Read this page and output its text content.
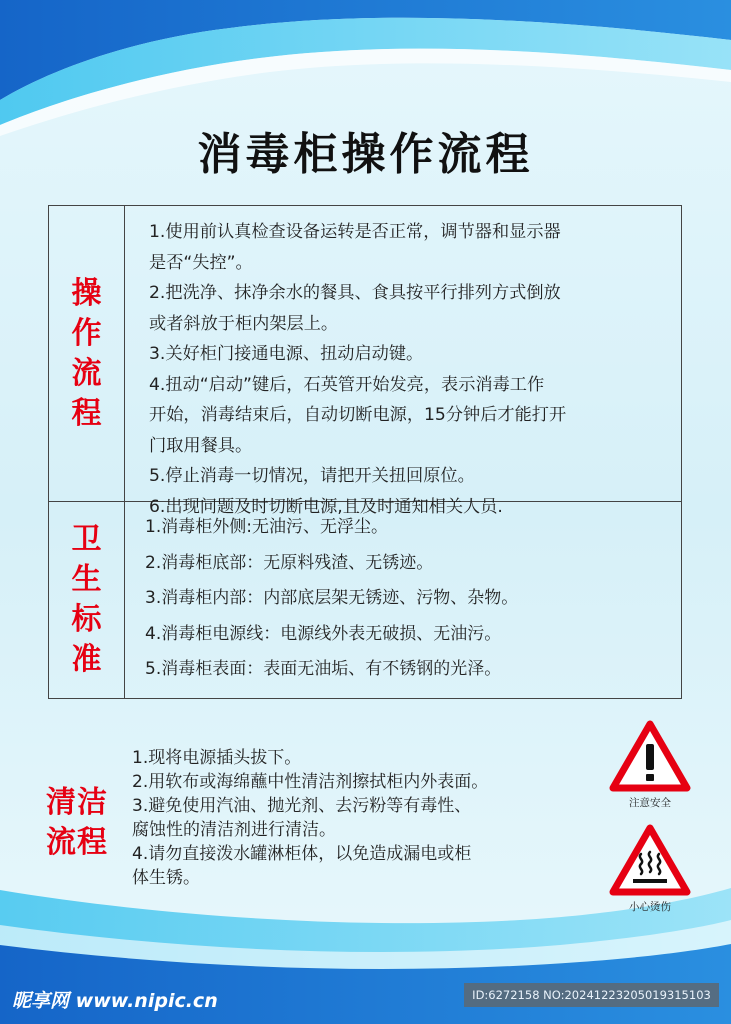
消毒柜操作流程
操作流程
1.使用前认真检查设备运转是否正常，调节器和显示器
是否“失控”。
2.把洗净、抹净余水的餐具、食具按平行排列方式倒放
或者斜放于柜内架层上。
3.关好柜门接通电源、扭动启动键。
4.扭动“启动”键后，石英管开始发亮，表示消毒工作
开始，消毒结束后，自动切断电源，15分钟后才能打开
门取用餐具。
5.停止消毒一切情况，请把开关扭回原位。
6.出现问题及时切断电源,且及时通知相关人员.
卫生标准
1.消毒柜外侧:无油污、无浮尘。
2.消毒柜底部：无原料残渣、无锈迹。
3.消毒柜内部：内部底层架无锈迹、污物、杂物。
4.消毒柜电源线：电源线外表无破损、无油污。
5.消毒柜表面：表面无油垢、有不锈钢的光泽。
清洁
流程
1.现将电源插头拔下。
2.用软布或海绵蘸中性清洁剂擦拭柜内外表面。
3.避免使用汽油、抛光剂、去污粉等有毒性、
腐蚀性的清洁剂进行清洁。
4.请勿直接泼水罐淋柜体，以免造成漏电或柜
体生锈。
注意安全
小心烫伤
昵享网 www.nipic.cn	ID:6272158 NO:20241223205019315103
